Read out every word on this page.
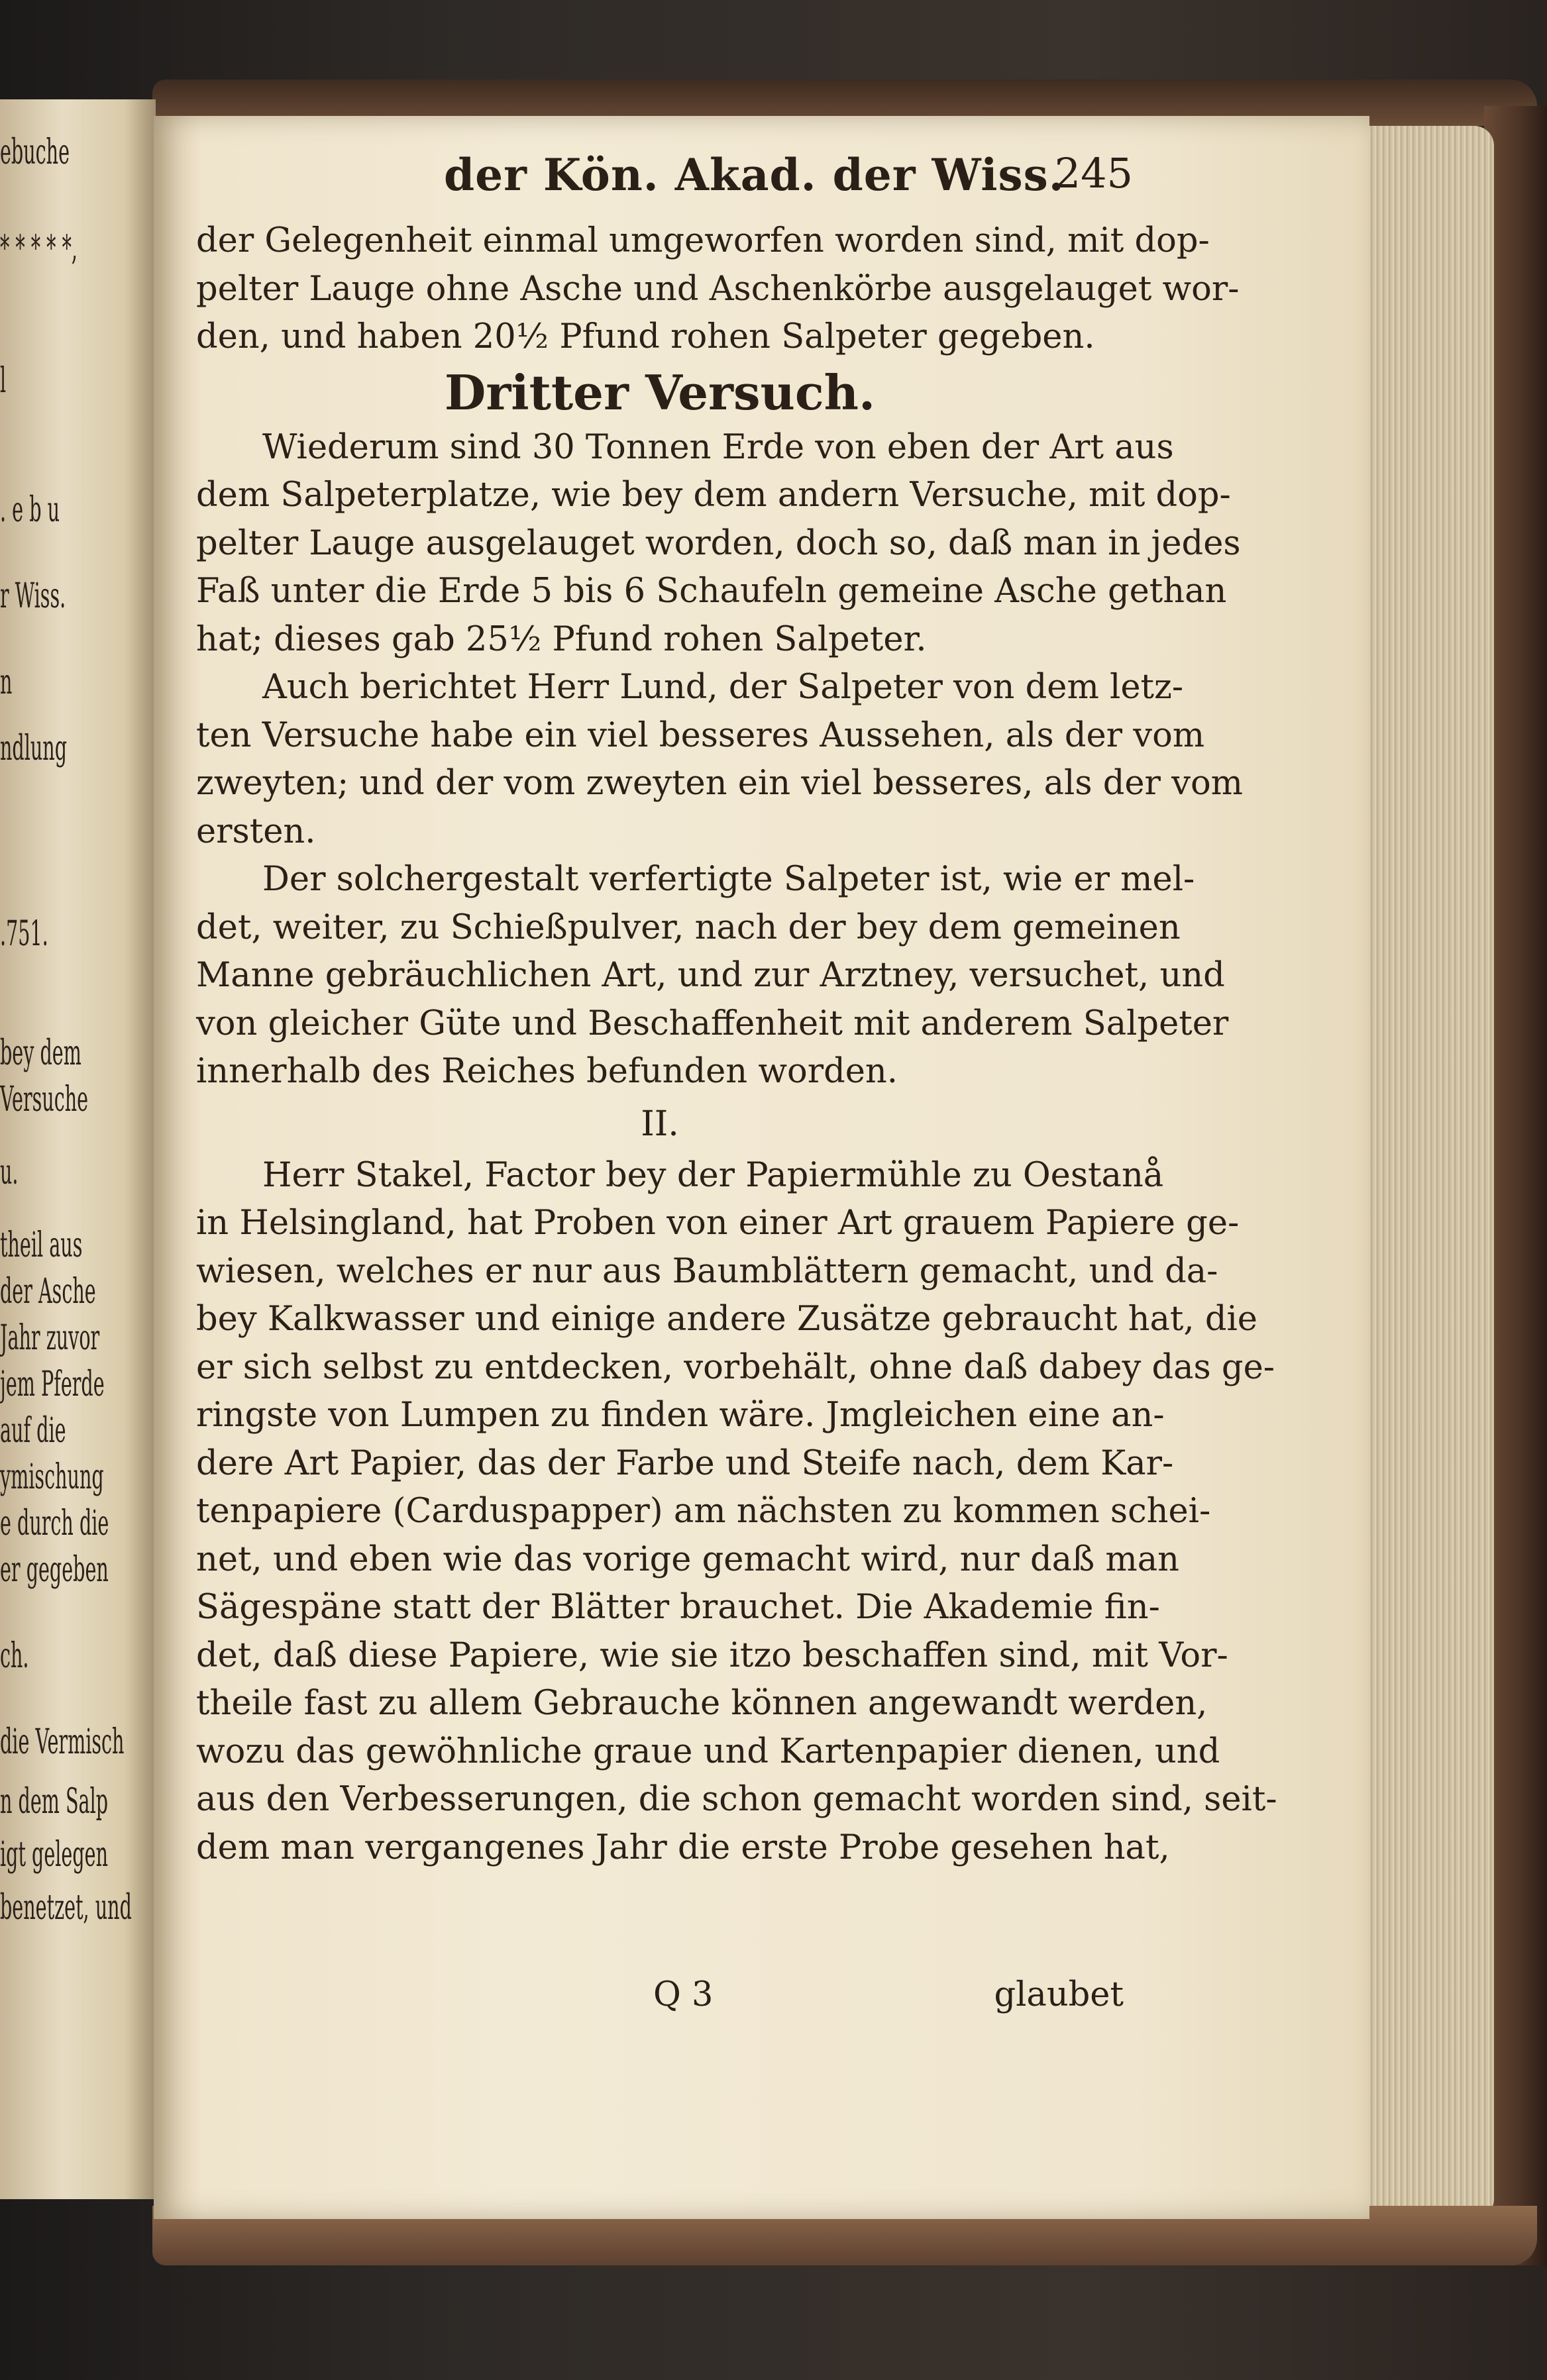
ebuche
* * * * *,
l
. e b u
r Wiss.
n
ndlung
.751.
bey dem
Versuche
u.
theil aus
der Asche
Jahr zuvor
jem Pferde
auf die
ymischung
e durch die
er gegeben
ch.
die Vermisch
n dem Salp
igt gelegen
benetzet, und
der Kön. Akad. der Wiss.
245
der Gelegenheit einmal umgeworfen worden sind, mit dop-
pelter Lauge ohne Asche und Aschenkörbe ausgelauget wor-
den, und haben 20½ Pfund rohen Salpeter gegeben.
Dritter Versuch.
Wiederum sind 30 Tonnen Erde von eben der Art aus
dem Salpeterplatze, wie bey dem andern Versuche, mit dop-
pelter Lauge ausgelauget worden, doch so, daß man in jedes
Faß unter die Erde 5 bis 6 Schaufeln gemeine Asche gethan
hat; dieses gab 25½ Pfund rohen Salpeter.
Auch berichtet Herr Lund, der Salpeter von dem letz-
ten Versuche habe ein viel besseres Aussehen, als der vom
zweyten; und der vom zweyten ein viel besseres, als der vom
ersten.
Der solchergestalt verfertigte Salpeter ist, wie er mel-
det, weiter, zu Schießpulver, nach der bey dem gemeinen
Manne gebräuchlichen Art, und zur Arztney, versuchet, und
von gleicher Güte und Beschaffenheit mit anderem Salpeter
innerhalb des Reiches befunden worden.
II.
Herr Stakel, Factor bey der Papiermühle zu Oestanå
in Helsingland, hat Proben von einer Art grauem Papiere ge-
wiesen, welches er nur aus Baumblättern gemacht, und da-
bey Kalkwasser und einige andere Zusätze gebraucht hat, die
er sich selbst zu entdecken, vorbehält, ohne daß dabey das ge-
ringste von Lumpen zu finden wäre. Jmgleichen eine an-
dere Art Papier, das der Farbe und Steife nach, dem Kar-
tenpapiere (Carduspapper) am nächsten zu kommen schei-
net, und eben wie das vorige gemacht wird, nur daß man
Sägespäne statt der Blätter brauchet. Die Akademie fin-
det, daß diese Papiere, wie sie itzo beschaffen sind, mit Vor-
theile fast zu allem Gebrauche können angewandt werden,
wozu das gewöhnliche graue und Kartenpapier dienen, und
aus den Verbesserungen, die schon gemacht worden sind, seit-
dem man vergangenes Jahr die erste Probe gesehen hat,
Q 3	glaubet
